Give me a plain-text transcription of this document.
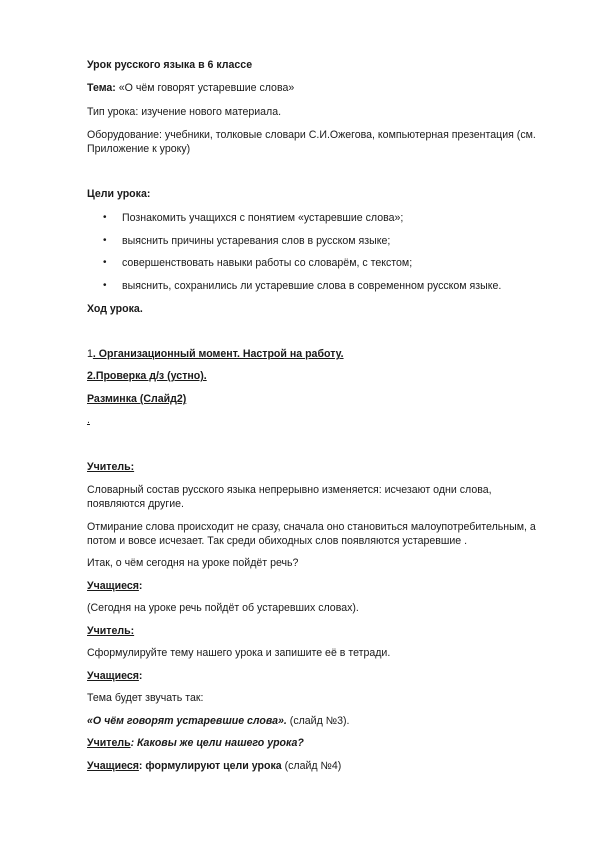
Урок русского языка в 6 классе
Тема: «О чём говорят устаревшие слова»
Тип урока: изучение нового материала.
Оборудование: учебники, толковые словари С.И.Ожегова, компьютерная презентация (см.
Приложение к уроку)
Цели урока:
• Познакомить учащихся с понятием «устаревшие слова»;
• выяснить причины устаревания слов в русском языке;
• совершенствовать навыки работы со словарём, с текстом;
• выяснить, сохранились ли устаревшие слова в современном русском языке.
Ход урока.
1. Организационный момент. Настрой на работу.
2.Проверка д/з (устно).
Разминка (Слайд2)
.
Учитель:
Словарный состав русского языка непрерывно изменяется: исчезают одни слова,
появляются другие.
Отмирание слова происходит не сразу, сначала оно становиться малоупотребительным, а
потом и вовсе исчезает. Так среди обиходных слов появляются устаревшие .
Итак, о чём сегодня на уроке пойдёт речь?
Учащиеся:
(Сегодня на уроке речь пойдёт об устаревших словах).
Учитель:
Сформулируйте тему нашего урока и запишите её в тетради.
Учащиеся:
Тема будет звучать так:
«О чём говорят устаревшие слова». (слайд №3).
Учитель: Каковы же цели нашего урока?
Учащиеся: формулируют цели урока (слайд №4)
